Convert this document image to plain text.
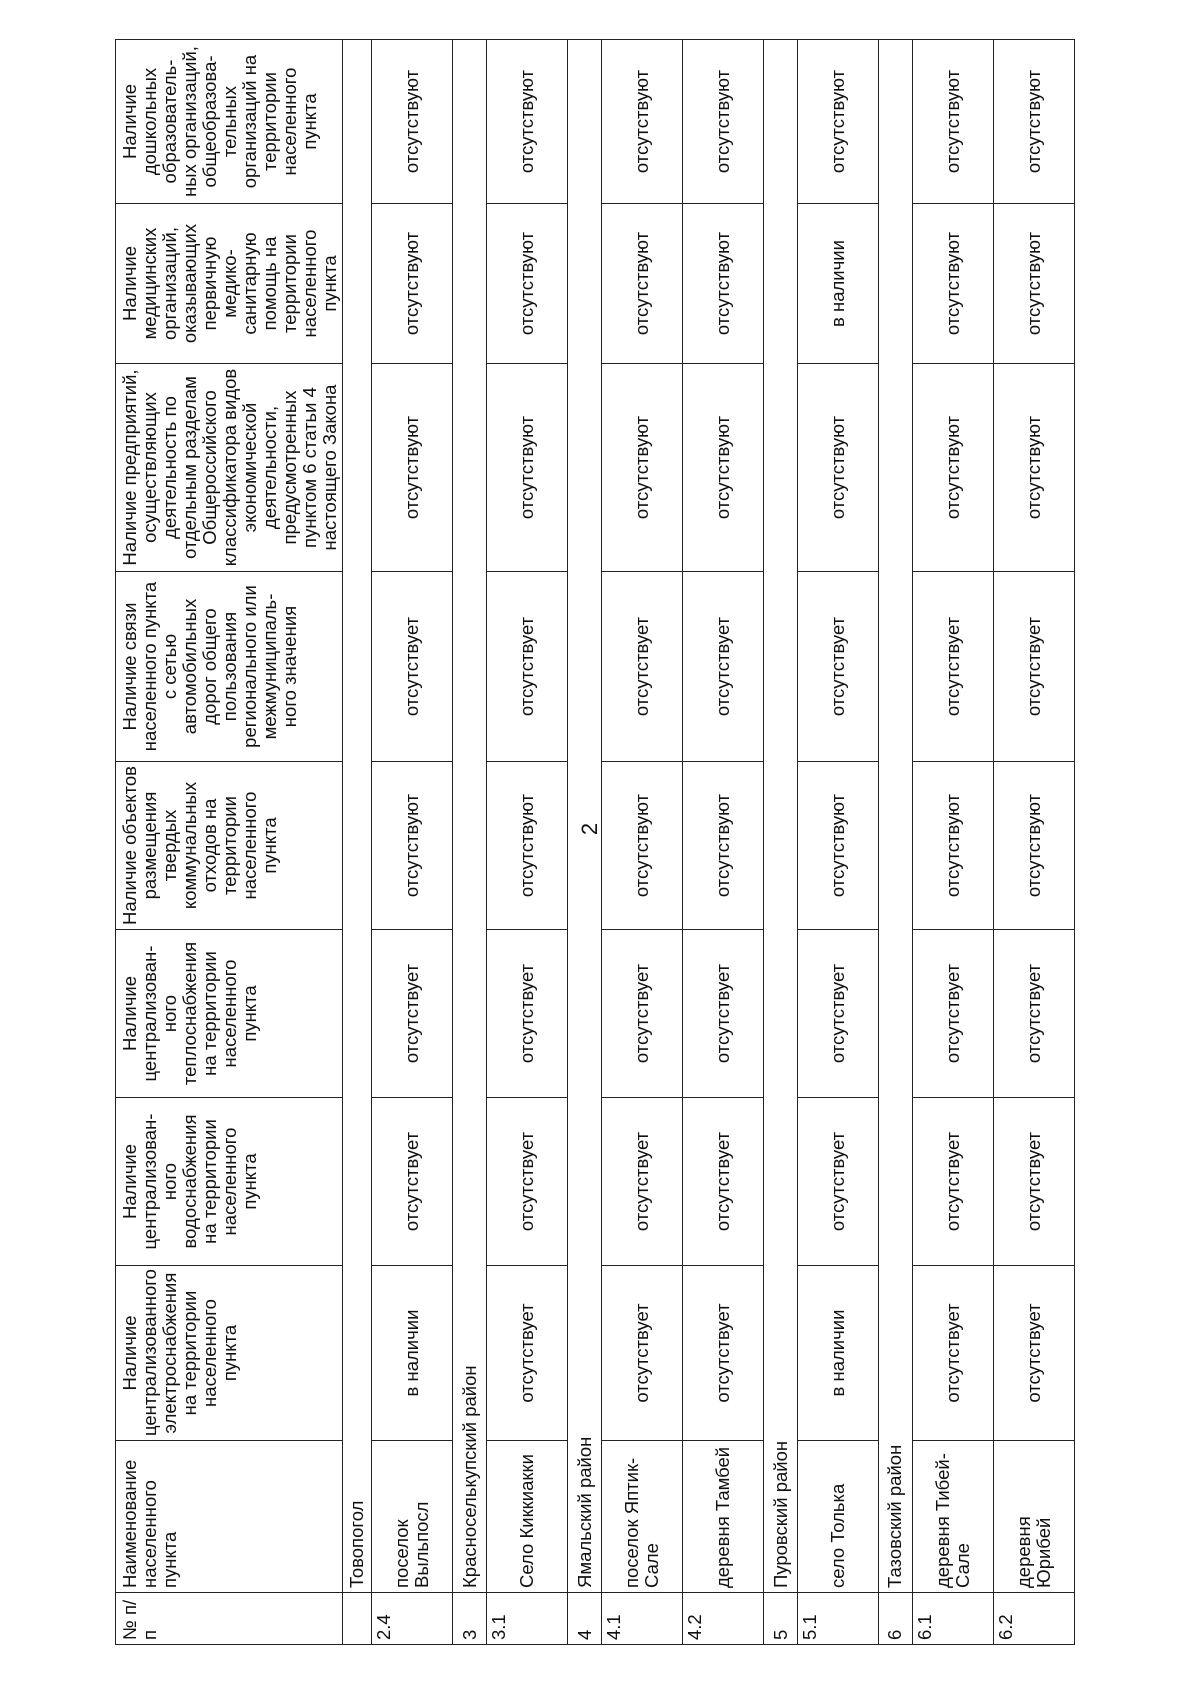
2
№ п/п	Наименование населенного пункта	Наличие централизованного электроснабжения на территории населенного пункта	Наличие централизован-ного водоснабжения на территории населенного пункта	Наличие централизован-ного теплоснабжения на территории населенного пункта	Наличие объектов размещения твердых коммунальных отходов на территории населенного пункта	Наличие связи населенного пункта с сетью автомобильных дорог общего пользования регионального или межмуниципаль-ного значения	Наличие предприятий, осуществляющих деятельность по отдельным разделам Общероссийского классификатора видов экономической деятельности, предусмотренных пунктом 6 статьи 4 настоящего Закона	Наличие медицинских организаций, оказывающих первичную медико-санитарную помощь на территории населенного пункта	Наличие дошкольных образователь-ных организаций, общеобразова-тельных организаций на территории населенного пункта
	Товопогол								
2.4	поселок Выльпосл	в наличии	отсутствует	отсутствует	отсутствуют	отсутствует	отсутствуют	отсутствуют	отсутствуют
3	Красноселькупский район								
3.1	Село Киккиакки	отсутствует	отсутствует	отсутствует	отсутствуют	отсутствует	отсутствуют	отсутствуют	отсутствуют
4	Ямальский район								
4.1	поселок Яптик-Сале	отсутствует	отсутствует	отсутствует	отсутствуют	отсутствует	отсутствуют	отсутствуют	отсутствуют
4.2	деревня Тамбей	отсутствует	отсутствует	отсутствует	отсутствуют	отсутствует	отсутствуют	отсутствуют	отсутствуют
5	Пуровский район								
5.1	село Толька	в наличии	отсутствует	отсутствует	отсутствуют	отсутствует	отсутствуют	в наличии	отсутствуют
6	Тазовский район								
6.1	деревня Тибей-Сале	отсутствует	отсутствует	отсутствует	отсутствуют	отсутствует	отсутствуют	отсутствуют	отсутствуют
6.2	деревня Юрибей	отсутствует	отсутствует	отсутствует	отсутствуют	отсутствует	отсутствуют	отсутствуют	отсутствуют
